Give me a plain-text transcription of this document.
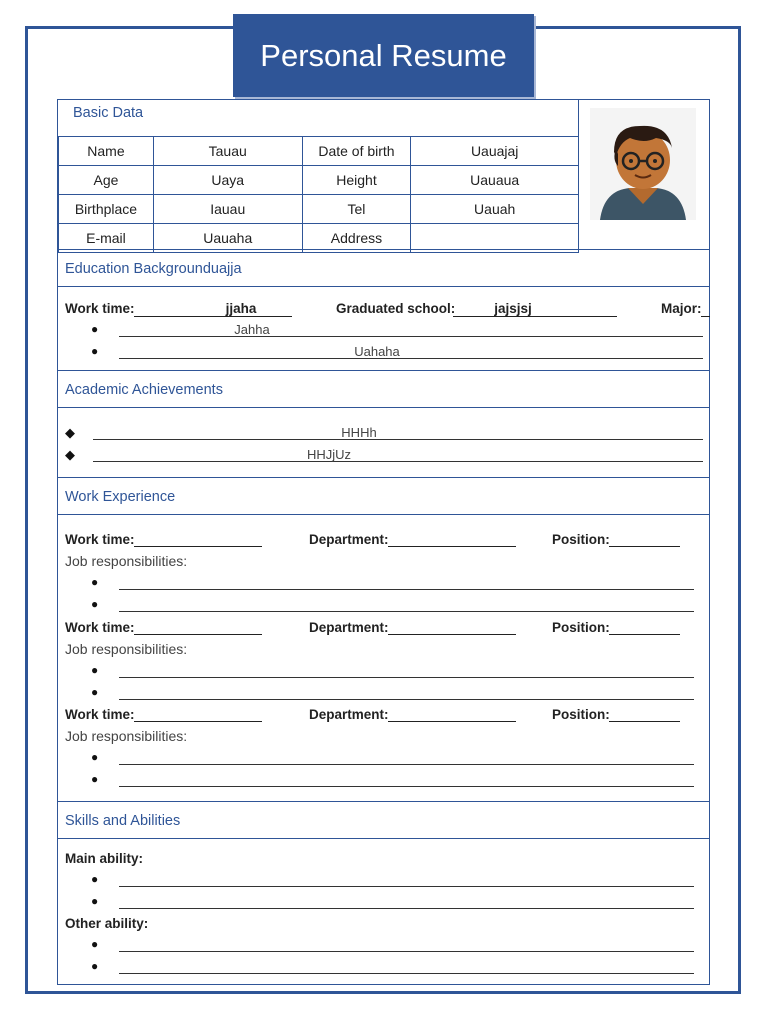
Personal Resume
Basic Data
Name	Tauau	Date of birth	Uauajaj
Age	Uaya	Height	Uauaua
Birthplace	Iauau	Tel	Uauah
E-mail	Uauaha	Address	
Education Backgrounduajja
Work time:	jjaha	Graduated school:	jajsjsj	Major:
●	Jahha
●	Uahaha
Academic Achievements
◆	HHHh
◆	HHJjUz
Work Experience
Work time:	Department:	Position:
Job responsibilities:
●
●
Work time:	Department:	Position:
Job responsibilities:
●
●
Work time:	Department:	Position:
Job responsibilities:
●
●
Skills and Abilities
Main ability:
●
●
Other ability:
●
●
